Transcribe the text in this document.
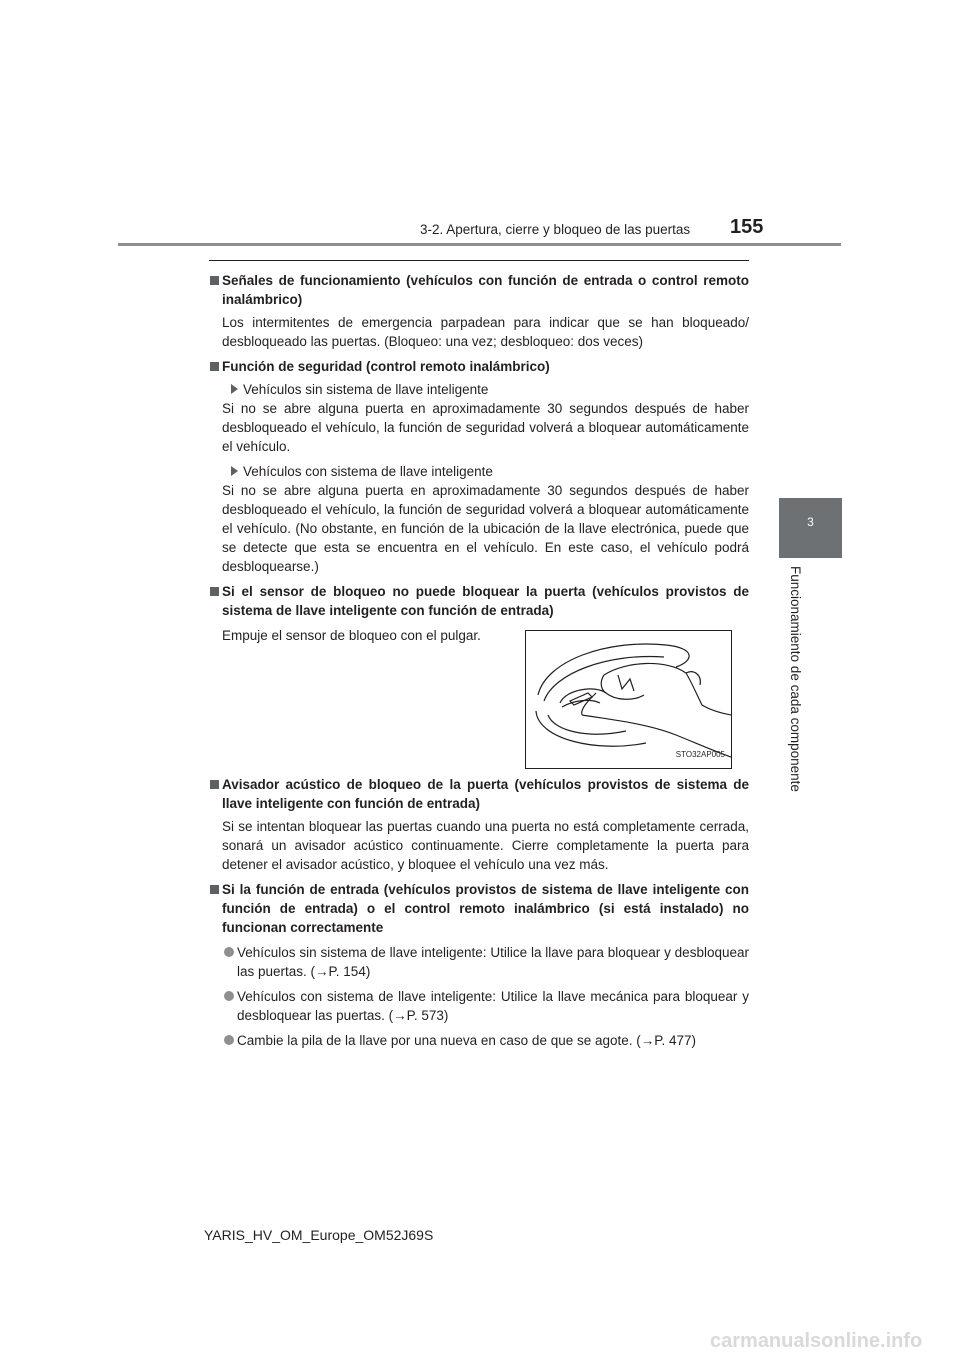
3-2. Apertura, cierre y bloqueo de las puertas 155
3
Funcionamiento de cada componente
Señales de funcionamiento (vehículos con función de entrada o control remoto inalámbrico)
Los intermitentes de emergencia parpadean para indicar que se han bloqueado/ desbloqueado las puertas. (Bloqueo: una vez; desbloqueo: dos veces)
Función de seguridad (control remoto inalámbrico)
Vehículos sin sistema de llave inteligente
Si no se abre alguna puerta en aproximadamente 30 segundos después de haber desbloqueado el vehículo, la función de seguridad volverá a bloquear automáticamente el vehículo.
Vehículos con sistema de llave inteligente
Si no se abre alguna puerta en aproximadamente 30 segundos después de haber desbloqueado el vehículo, la función de seguridad volverá a bloquear automáticamente el vehículo. (No obstante, en función de la ubicación de la llave electrónica, puede que se detecte que esta se encuentra en el vehículo. En este caso, el vehículo podrá desbloquearse.)
Si el sensor de bloqueo no puede bloquear la puerta (vehículos provistos de sistema de llave inteligente con función de entrada)
Empuje el sensor de bloqueo con el pulgar.
STO32AP005
Avisador acústico de bloqueo de la puerta (vehículos provistos de sistema de llave inteligente con función de entrada)
Si se intentan bloquear las puertas cuando una puerta no está completamente cerrada, sonará un avisador acústico continuamente. Cierre completamente la puerta para detener el avisador acústico, y bloquee el vehículo una vez más.
Si la función de entrada (vehículos provistos de sistema de llave inteligente con función de entrada) o el control remoto inalámbrico (si está instalado) no funcionan correctamente
Vehículos sin sistema de llave inteligente: Utilice la llave para bloquear y desbloquear las puertas. (→P. 154)
Vehículos con sistema de llave inteligente: Utilice la llave mecánica para bloquear y desbloquear las puertas. (→P. 573)
Cambie la pila de la llave por una nueva en caso de que se agote. (→P. 477)
YARIS_HV_OM_Europe_OM52J69S
carmanualsonline.info
